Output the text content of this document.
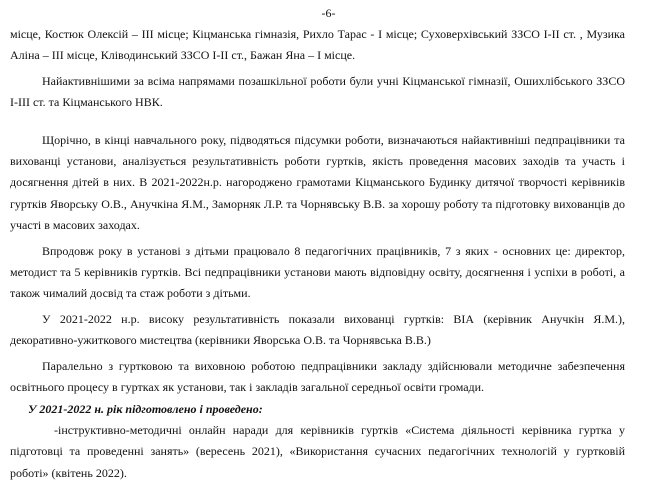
-6-

місце, Костюк Олексій – ІІІ місце; Кіцманська гімназія, Рихло Тарас - І місце; Суховерхівський ЗЗСО І-ІІ ст. , Музика Аліна – ІІІ місце, Кліводинський ЗЗСО І-ІІ ст., Бажан Яна – І місце.

Найактивнішими за всіма напрямами позашкільної роботи були учні Кіцманської гімназії, Ошихлібського ЗЗСО І-ІІІ ст. та Кіцманського НВК.

Щорічно, в кінці навчального року, підводяться підсумки роботи, визначаються найактивніші педпрацівники та вихованці установи, аналізується результативність роботи гуртків, якість проведення масових заходів та участь і досягнення дітей в них. В 2021-2022н.р. нагороджено грамотами Кіцманського Будинку дитячої творчості керівників гуртків Яворську О.В., Анучкіна Я.М., Заморняк Л.Р. та Чорнявську В.В. за хорошу роботу та підготовку вихованців до участі в масових заходах.

Впродовж року в установі з дітьми працювало 8 педагогічних працівників, 7 з яких - основних це: директор, методист та 5 керівників гуртків. Всі педпрацівники установи мають відповідну освіту, досягнення і успіхи в роботі, а також чималий досвід та стаж роботи з дітьми.

У 2021-2022 н.р. високу результативність показали вихованці гуртків: ВІА (керівник Анучкін Я.М.), декоративно-ужиткового мистецтва (керівники Яворська О.В. та Чорнявська В.В.)

Паралельно з гуртковою та виховною роботою педпрацівники закладу здійснювали методичне забезпечення освітнього процесу в гуртках як установи, так і закладів загальної середньої освіти громади.

У 2021-2022 н. рік підготовлено і проведено:

-інструктивно-методичні онлайн наради для керівників гуртків «Система діяльності керівника гуртка у підготовці та проведенні занять» (вересень 2021), «Використання сучасних педагогічних технологій у гуртковій роботі» (квітень 2022).
